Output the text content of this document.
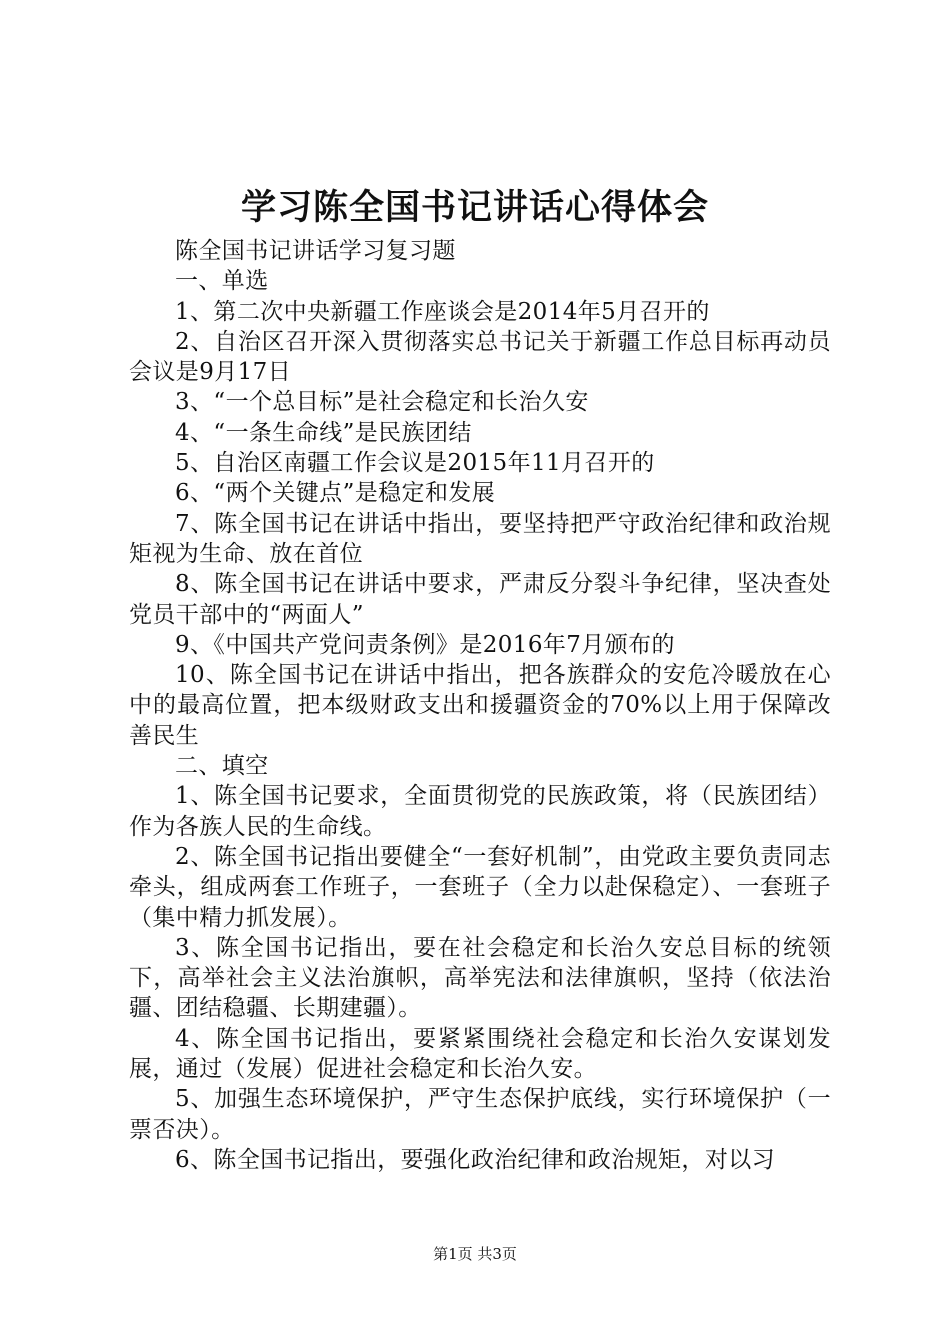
学习陈全国书记讲话心得体会

陈全国书记讲话学习复习题

一、单选

1、第二次中央新疆工作座谈会是2014年5月召开的

2、自治区召开深入贯彻落实总书记关于新疆工作总目标再动员会议是9月17日

3、“一个总目标”是社会稳定和长治久安

4、“一条生命线”是民族团结

5、自治区南疆工作会议是2015年11月召开的

6、“两个关键点”是稳定和发展

7、陈全国书记在讲话中指出，要坚持把严守政治纪律和政治规矩视为生命、放在首位

8、陈全国书记在讲话中要求，严肃反分裂斗争纪律，坚决查处党员干部中的“两面人”

9、《中国共产党问责条例》是2016年7月颁布的

10、陈全国书记在讲话中指出，把各族群众的安危冷暖放在心中的最高位置，把本级财政支出和援疆资金的70%以上用于保障改善民生

二、填空

1、陈全国书记要求，全面贯彻党的民族政策，将（民族团结）作为各族人民的生命线。

2、陈全国书记指出要健全“一套好机制”，由党政主要负责同志牵头，组成两套工作班子，一套班子（全力以赴保稳定）、一套班子（集中精力抓发展）。

3、陈全国书记指出，要在社会稳定和长治久安总目标的统领下，高举社会主义法治旗帜，高举宪法和法律旗帜，坚持（依法治疆、团结稳疆、长期建疆）。

4、陈全国书记指出，要紧紧围绕社会稳定和长治久安谋划发展，通过（发展）促进社会稳定和长治久安。

5、加强生态环境保护，严守生态保护底线，实行环境保护（一票否决）。

6、陈全国书记指出，要强化政治纪律和政治规矩，对以习

第1页 共3页
